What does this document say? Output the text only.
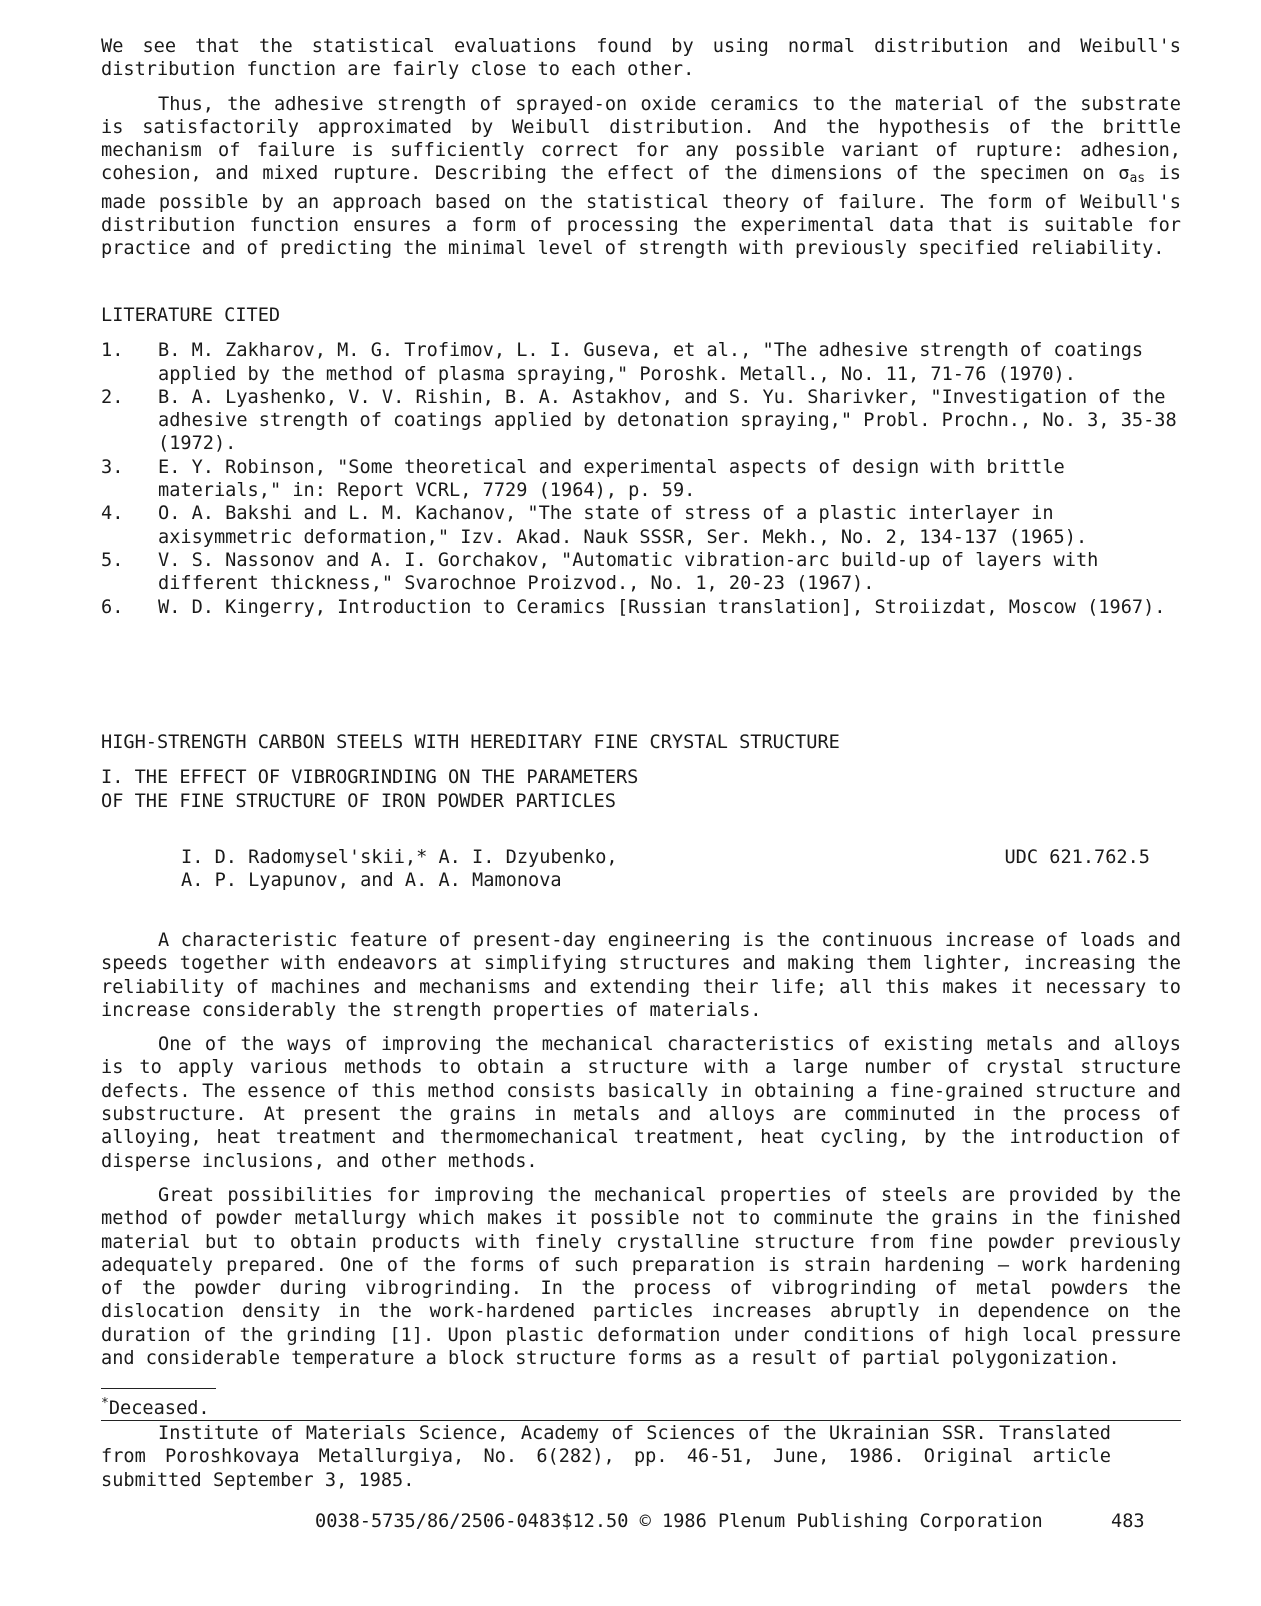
We see that the statistical evaluations found by using normal distribution and Weibull's distribution function are fairly close to each other.

Thus, the adhesive strength of sprayed-on oxide ceramics to the material of the substrate is satisfactorily approximated by Weibull distribution. And the hypothesis of the brittle mechanism of failure is sufficiently correct for any possible variant of rupture: adhesion, cohesion, and mixed rupture. Describing the effect of the dimensions of the specimen on $\sigma_{as}$ is made possible by an approach based on the statistical theory of failure. The form of Weibull's distribution function ensures a form of processing the experimental data that is suitable for practice and of predicting the minimal level of strength with previously specified reliability.

LITERATURE CITED

1. B. M. Zakharov, M. G. Trofimov, L. I. Guseva, et al., "The adhesive strength of coatings applied by the method of plasma spraying," Poroshk. Metall., No. 11, 71-76 (1970).
2. B. A. Lyashenko, V. V. Rishin, B. A. Astakhov, and S. Yu. Sharivker, "Investigation of the adhesive strength of coatings applied by detonation spraying," Probl. Prochn., No. 3, 35-38 (1972).
3. E. Y. Robinson, "Some theoretical and experimental aspects of design with brittle materials," in: Report VCRL, 7729 (1964), p. 59.
4. O. A. Bakshi and L. M. Kachanov, "The state of stress of a plastic interlayer in axisymmetric deformation," Izv. Akad. Nauk SSSR, Ser. Mekh., No. 2, 134-137 (1965).
5. V. S. Nassonov and A. I. Gorchakov, "Automatic vibration-arc build-up of layers with different thickness," Svarochnoe Proizvod., No. 1, 20-23 (1967).
6. W. D. Kingerry, Introduction to Ceramics [Russian translation], Stroiizdat, Moscow (1967).

HIGH-STRENGTH CARBON STEELS WITH HEREDITARY FINE CRYSTAL STRUCTURE

I. THE EFFECT OF VIBROGRINDING ON THE PARAMETERS

OF THE FINE STRUCTURE OF IRON POWDER PARTICLES

I. D. Radomysel'skii,* A. I. Dzyubenko,
A. P. Lyapunov, and A. A. Mamonova
UDC 621.762.5

A characteristic feature of present-day engineering is the continuous increase of loads and speeds together with endeavors at simplifying structures and making them lighter, increasing the reliability of machines and mechanisms and extending their life; all this makes it necessary to increase considerably the strength properties of materials.

One of the ways of improving the mechanical characteristics of existing metals and alloys is to apply various methods to obtain a structure with a large number of crystal structure defects. The essence of this method consists basically in obtaining a fine-grained structure and substructure. At present the grains in metals and alloys are comminuted in the process of alloying, heat treatment and thermomechanical treatment, heat cycling, by the introduction of disperse inclusions, and other methods.

Great possibilities for improving the mechanical properties of steels are provided by the method of powder metallurgy which makes it possible not to comminute the grains in the finished material but to obtain products with finely crystalline structure from fine powder previously adequately prepared. One of the forms of such preparation is strain hardening — work hardening of the powder during vibrogrinding. In the process of vibrogrinding of metal powders the dislocation density in the work-hardened particles increases abruptly in dependence on the duration of the grinding [1]. Upon plastic deformation under conditions of high local pressure and considerable temperature a block structure forms as a result of partial polygonization.

*Deceased.

Institute of Materials Science, Academy of Sciences of the Ukrainian SSR. Translated from Poroshkovaya Metallurgiya, No. 6(282), pp. 46-51, June, 1986. Original article submitted September 3, 1985.

0038-5735/86/2506-0483$12.50 © 1986 Plenum Publishing Corporation	483
